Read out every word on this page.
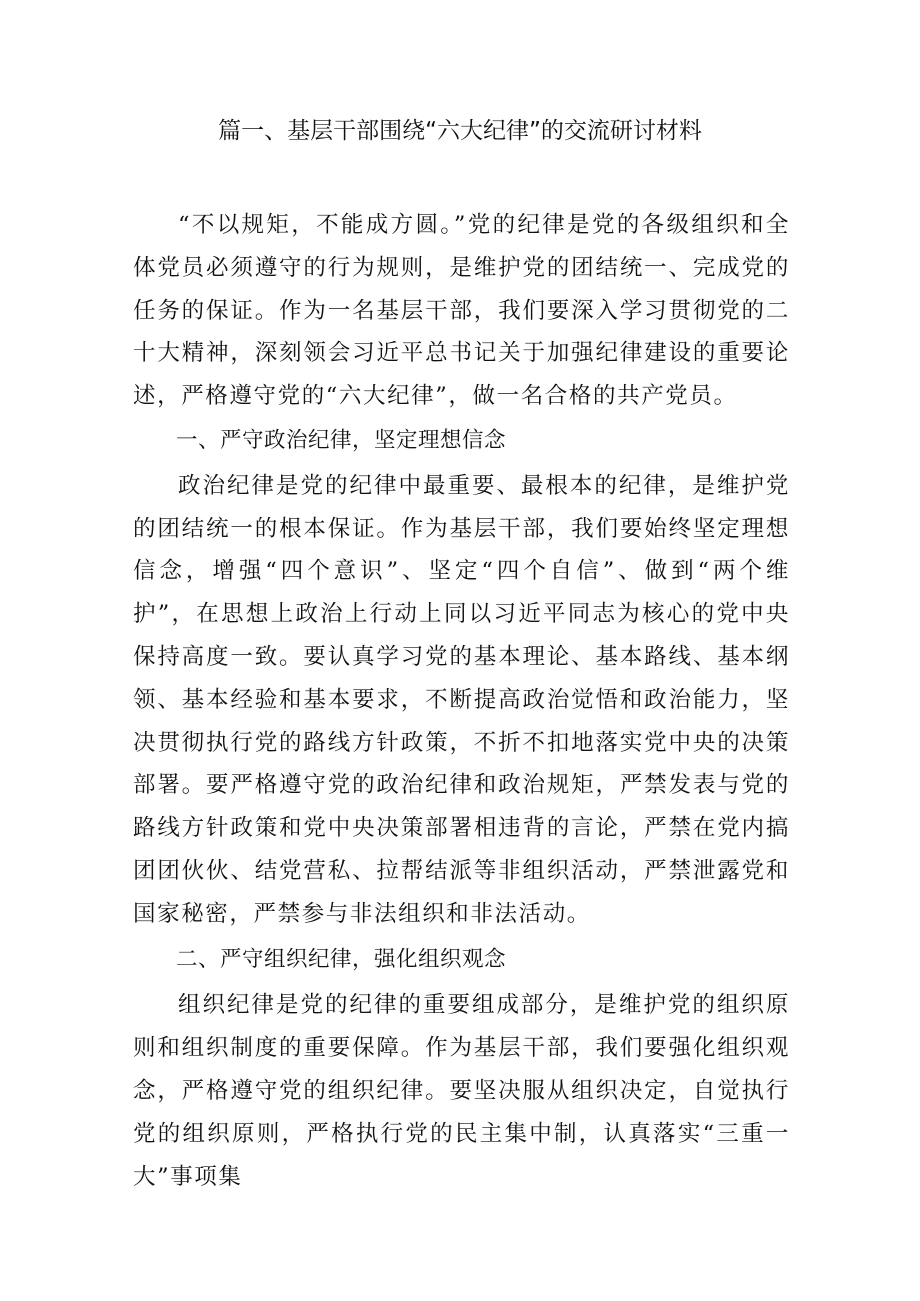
篇一、基层干部围绕“六大纪律”的交流研讨材料

“不以规矩，不能成方圆。”党的纪律是党的各级组织和全体党员必须遵守的行为规则，是维护党的团结统一、完成党的任务的保证。作为一名基层干部，我们要深入学习贯彻党的二十大精神，深刻领会习近平总书记关于加强纪律建设的重要论述，严格遵守党的“六大纪律”，做一名合格的共产党员。

一、严守政治纪律，坚定理想信念

政治纪律是党的纪律中最重要、最根本的纪律，是维护党的团结统一的根本保证。作为基层干部，我们要始终坚定理想信念，增强“四个意识”、坚定“四个自信”、做到“两个维护”，在思想上政治上行动上同以习近平同志为核心的党中央保持高度一致。要认真学习党的基本理论、基本路线、基本纲领、基本经验和基本要求，不断提高政治觉悟和政治能力，坚决贯彻执行党的路线方针政策，不折不扣地落实党中央的决策部署。要严格遵守党的政治纪律和政治规矩，严禁发表与党的路线方针政策和党中央决策部署相违背的言论，严禁在党内搞团团伙伙、结党营私、拉帮结派等非组织活动，严禁泄露党和国家秘密，严禁参与非法组织和非法活动。

二、严守组织纪律，强化组织观念

组织纪律是党的纪律的重要组成部分，是维护党的组织原则和组织制度的重要保障。作为基层干部，我们要强化组织观念，严格遵守党的组织纪律。要坚决服从组织决定，自觉执行党的组织原则，严格执行党的民主集中制，认真落实“三重一大”事项集
